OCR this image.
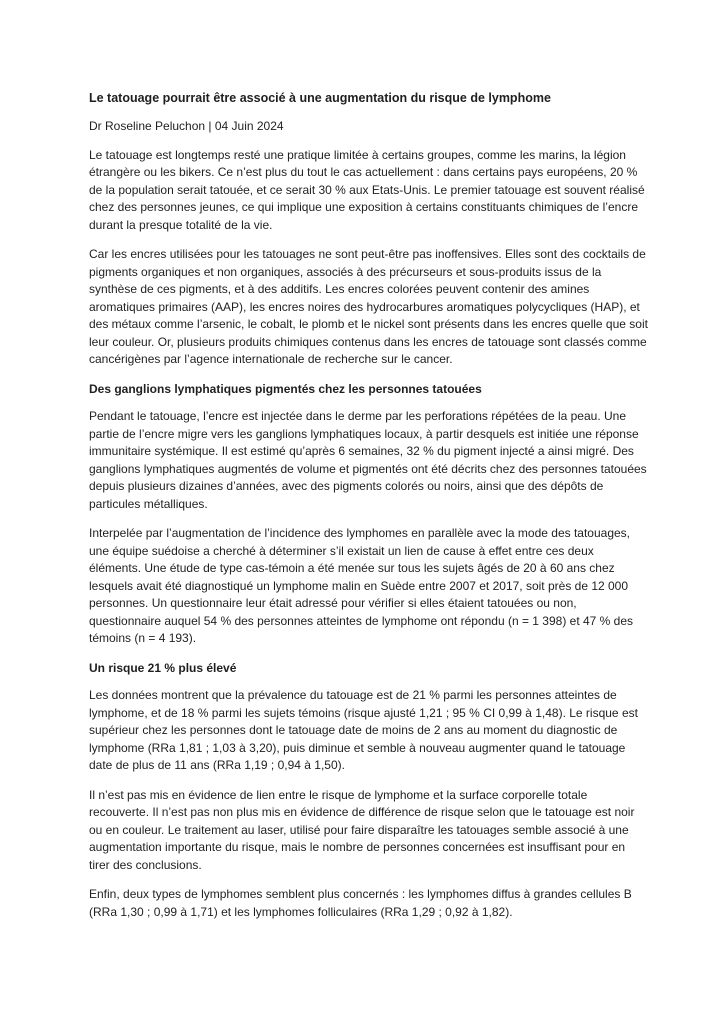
Le tatouage pourrait être associé à une augmentation du risque de lymphome
Dr Roseline Peluchon | 04 Juin 2024

Le tatouage est longtemps resté une pratique limitée à certains groupes, comme les marins, la légion étrangère ou les bikers. Ce n’est plus du tout le cas actuellement : dans certains pays européens, 20 % de la population serait tatouée, et ce serait 30 % aux Etats-Unis. Le premier tatouage est souvent réalisé chez des personnes jeunes, ce qui implique une exposition à certains constituants chimiques de l’encre durant la presque totalité de la vie.

Car les encres utilisées pour les tatouages ne sont peut-être pas inoffensives. Elles sont des cocktails de pigments organiques et non organiques, associés à des précurseurs et sous-produits issus de la synthèse de ces pigments, et à des additifs. Les encres colorées peuvent contenir des amines aromatiques primaires (AAP), les encres noires des hydrocarbures aromatiques polycycliques (HAP), et des métaux comme l’arsenic, le cobalt, le plomb et le nickel sont présents dans les encres quelle que soit leur couleur. Or, plusieurs produits chimiques contenus dans les encres de tatouage sont classés comme cancérigènes par l’agence internationale de recherche sur le cancer.

Des ganglions lymphatiques pigmentés chez les personnes tatouées

Pendant le tatouage, l’encre est injectée dans le derme par les perforations répétées de la peau. Une partie de l’encre migre vers les ganglions lymphatiques locaux, à partir desquels est initiée une réponse immunitaire systémique. Il est estimé qu’après 6 semaines, 32 % du pigment injecté a ainsi migré. Des ganglions lymphatiques augmentés de volume et pigmentés ont été décrits chez des personnes tatouées depuis plusieurs dizaines d’années, avec des pigments colorés ou noirs, ainsi que des dépôts de particules métalliques.

Interpelée par l’augmentation de l’incidence des lymphomes en parallèle avec la mode des tatouages, une équipe suédoise a cherché à déterminer s’il existait un lien de cause à effet entre ces deux éléments. Une étude de type cas-témoin a été menée sur tous les sujets âgés de 20 à 60 ans chez lesquels avait été diagnostiqué un lymphome malin en Suède entre 2007 et 2017, soit près de 12 000 personnes. Un questionnaire leur était adressé pour vérifier si elles étaient tatouées ou non, questionnaire auquel 54 % des personnes atteintes de lymphome ont répondu (n = 1 398) et 47 % des témoins (n = 4 193).

Un risque 21 % plus élevé

Les données montrent que la prévalence du tatouage est de 21 % parmi les personnes atteintes de lymphome, et de 18 % parmi les sujets témoins (risque ajusté 1,21 ; 95 % CI 0,99 à 1,48). Le risque est supérieur chez les personnes dont le tatouage date de moins de 2 ans au moment du diagnostic de lymphome (RRa 1,81 ; 1,03 à 3,20), puis diminue et semble à nouveau augmenter quand le tatouage date de plus de 11 ans (RRa 1,19 ; 0,94 à 1,50).

Il n’est pas mis en évidence de lien entre le risque de lymphome et la surface corporelle totale recouverte. Il n’est pas non plus mis en évidence de différence de risque selon que le tatouage est noir ou en couleur. Le traitement au laser, utilisé pour faire disparaître les tatouages semble associé à une augmentation importante du risque, mais le nombre de personnes concernées est insuffisant pour en tirer des conclusions.

Enfin, deux types de lymphomes semblent plus concernés : les lymphomes diffus à grandes cellules B (RRa 1,30 ; 0,99 à 1,71) et les lymphomes folliculaires (RRa 1,29 ; 0,92 à 1,82).
